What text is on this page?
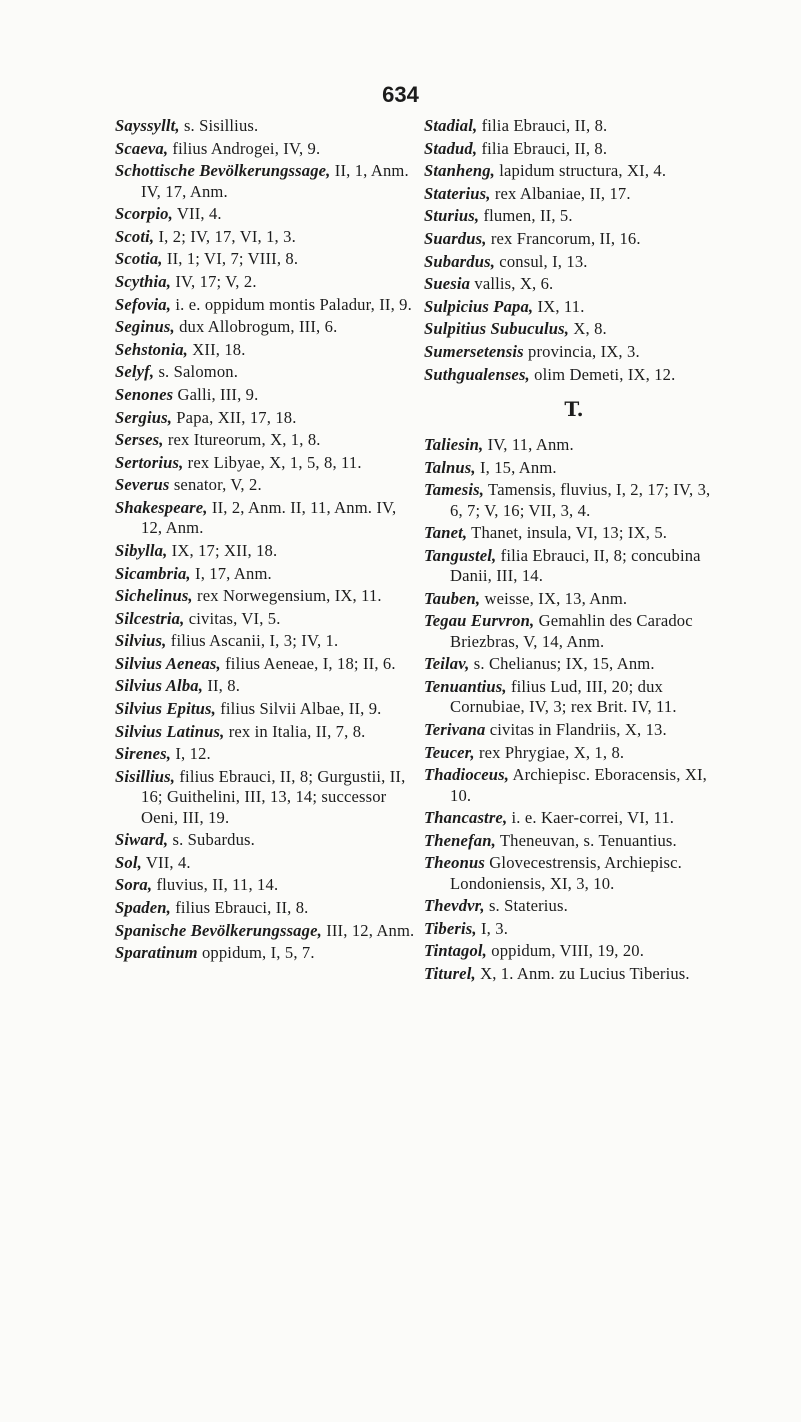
634
Sayssyllt, s. Sisillius.
Scaeva, filius Androgei, IV, 9.
Schottische Bevölkerungssage, II, 1, Anm. IV, 17, Anm.
Scorpio, VII, 4.
Scoti, I, 2; IV, 17, VI, 1, 3.
Scotia, II, 1; VI, 7; VIII, 8.
Scythia, IV, 17; V, 2.
Sefovia, i. e. oppidum montis Paladur, II, 9.
Seginus, dux Allobrogum, III, 6.
Sehstonia, XII, 18.
Selyf, s. Salomon.
Senones Galli, III, 9.
Sergius, Papa, XII, 17, 18.
Serses, rex Itureorum, X, 1, 8.
Sertorius, rex Libyae, X, 1, 5, 8, 11.
Severus senator, V, 2.
Shakespeare, II, 2, Anm. II, 11, Anm. IV, 12, Anm.
Sibylla, IX, 17; XII, 18.
Sicambria, I, 17, Anm.
Sichelinus, rex Norwegensium, IX, 11.
Silcestria, civitas, VI, 5.
Silvius, filius Ascanii, I, 3; IV, 1.
Silvius Aeneas, filius Aeneae, I, 18; II, 6.
Silvius Alba, II, 8.
Silvius Epitus, filius Silvii Albae, II, 9.
Silvius Latinus, rex in Italia, II, 7, 8.
Sirenes, I, 12.
Sisillius, filius Ebrauci, II, 8; Gurgustii, II, 16; Guithelini, III, 13, 14; successor Oeni, III, 19.
Siward, s. Subardus.
Sol, VII, 4.
Sora, fluvius, II, 11, 14.
Spaden, filius Ebrauci, II, 8.
Spanische Bevölkerungssage, III, 12, Anm.
Sparatinum oppidum, I, 5, 7.
Stadial, filia Ebrauci, II, 8.
Stadud, filia Ebrauci, II, 8.
Stanheng, lapidum structura, XI, 4.
Staterius, rex Albaniae, II, 17.
Sturius, flumen, II, 5.
Suardus, rex Francorum, II, 16.
Subardus, consul, I, 13.
Suesia vallis, X, 6.
Sulpicius Papa, IX, 11.
Sulpitius Subuculus, X, 8.
Sumersetensis provincia, IX, 3.
Suthgualenses, olim Demeti, IX, 12.
T.
Taliesin, IV, 11, Anm.
Talnus, I, 15, Anm.
Tamesis, Tamensis, fluvius, I, 2, 17; IV, 3, 6, 7; V, 16; VII, 3, 4.
Tanet, Thanet, insula, VI, 13; IX, 5.
Tangustel, filia Ebrauci, II, 8; concubina Danii, III, 14.
Tauben, weisse, IX, 13, Anm.
Tegau Eurvron, Gemahlin des Caradoc Briezbras, V, 14, Anm.
Teilav, s. Chelianus; IX, 15, Anm.
Tenuantius, filius Lud, III, 20; dux Cornubiae, IV, 3; rex Brit. IV, 11.
Terivana civitas in Flandriis, X, 13.
Teucer, rex Phrygiae, X, 1, 8.
Thadioceus, Archiepisc. Eboracensis, XI, 10.
Thancastre, i. e. Kaer-correi, VI, 11.
Thenefan, Theneuvan, s. Tenuantius.
Theonus Glovecestrensis, Archiepisc. Londoniensis, XI, 3, 10.
Thevdvr, s. Staterius.
Tiberis, I, 3.
Tintagol, oppidum, VIII, 19, 20.
Titurel, X, 1. Anm. zu Lucius Tiberius.
